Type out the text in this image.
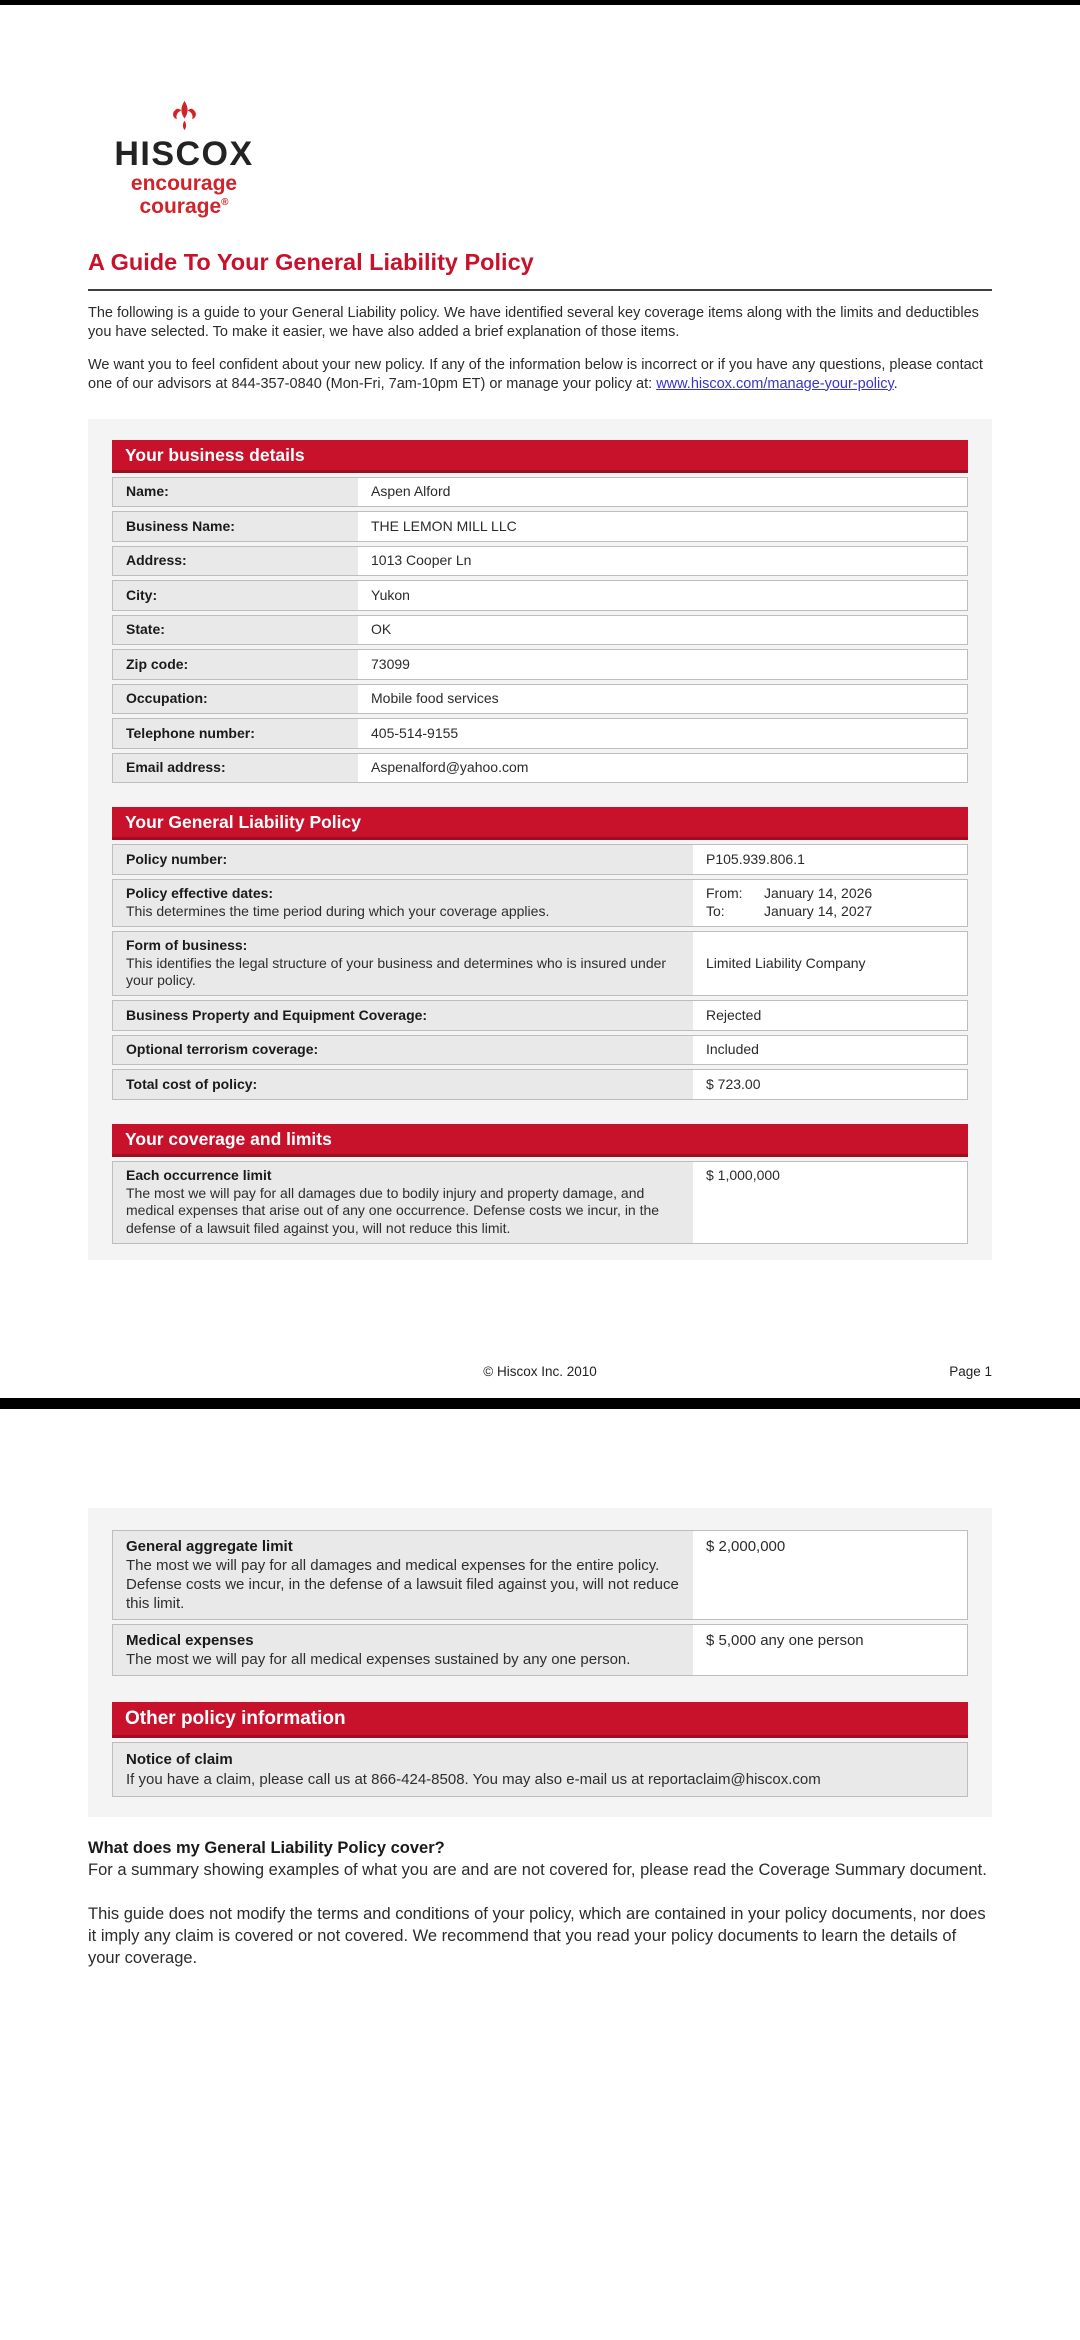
HISCOX
encourage courage®
A Guide To Your General Liability Policy
The following is a guide to your General Liability policy. We have identified several key coverage items along with the limits and deductibles you have selected. To make it easier, we have also added a brief explanation of those items.
We want you to feel confident about your new policy. If any of the information below is incorrect or if you have any questions, please contact one of our advisors at 844-357-0840 (Mon-Fri, 7am-10pm ET) or manage your policy at: www.hiscox.com/manage-your-policy.
Your business details
Name:	Aspen Alford
Business Name:	THE LEMON MILL LLC
Address:	1013 Cooper Ln
City:	Yukon
State:	OK
Zip code:	73099
Occupation:	Mobile food services
Telephone number:	405-514-9155
Email address:	Aspenalford@yahoo.com
Your General Liability Policy
Policy number:	P105.939.806.1
Policy effective dates:
This determines the time period during which your coverage applies.
From:	January 14, 2026
To:	January 14, 2027
Form of business:
This identifies the legal structure of your business and determines who is insured under your policy.
Limited Liability Company
Business Property and Equipment Coverage:	Rejected
Optional terrorism coverage:	Included
Total cost of policy:	$ 723.00
Your coverage and limits
Each occurrence limit
The most we will pay for all damages due to bodily injury and property damage, and medical expenses that arise out of any one occurrence. Defense costs we incur, in the defense of a lawsuit filed against you, will not reduce this limit.
$ 1,000,000
© Hiscox Inc. 2010	Page 1
General aggregate limit
The most we will pay for all damages and medical expenses for the entire policy. Defense costs we incur, in the defense of a lawsuit filed against you, will not reduce this limit.
$ 2,000,000
Medical expenses
The most we will pay for all medical expenses sustained by any one person.
$ 5,000 any one person
Other policy information
Notice of claim
If you have a claim, please call us at 866-424-8508. You may also e-mail us at reportaclaim@hiscox.com
What does my General Liability Policy cover?
For a summary showing examples of what you are and are not covered for, please read the Coverage Summary document.
This guide does not modify the terms and conditions of your policy, which are contained in your policy documents, nor does it imply any claim is covered or not covered. We recommend that you read your policy documents to learn the details of your coverage.
